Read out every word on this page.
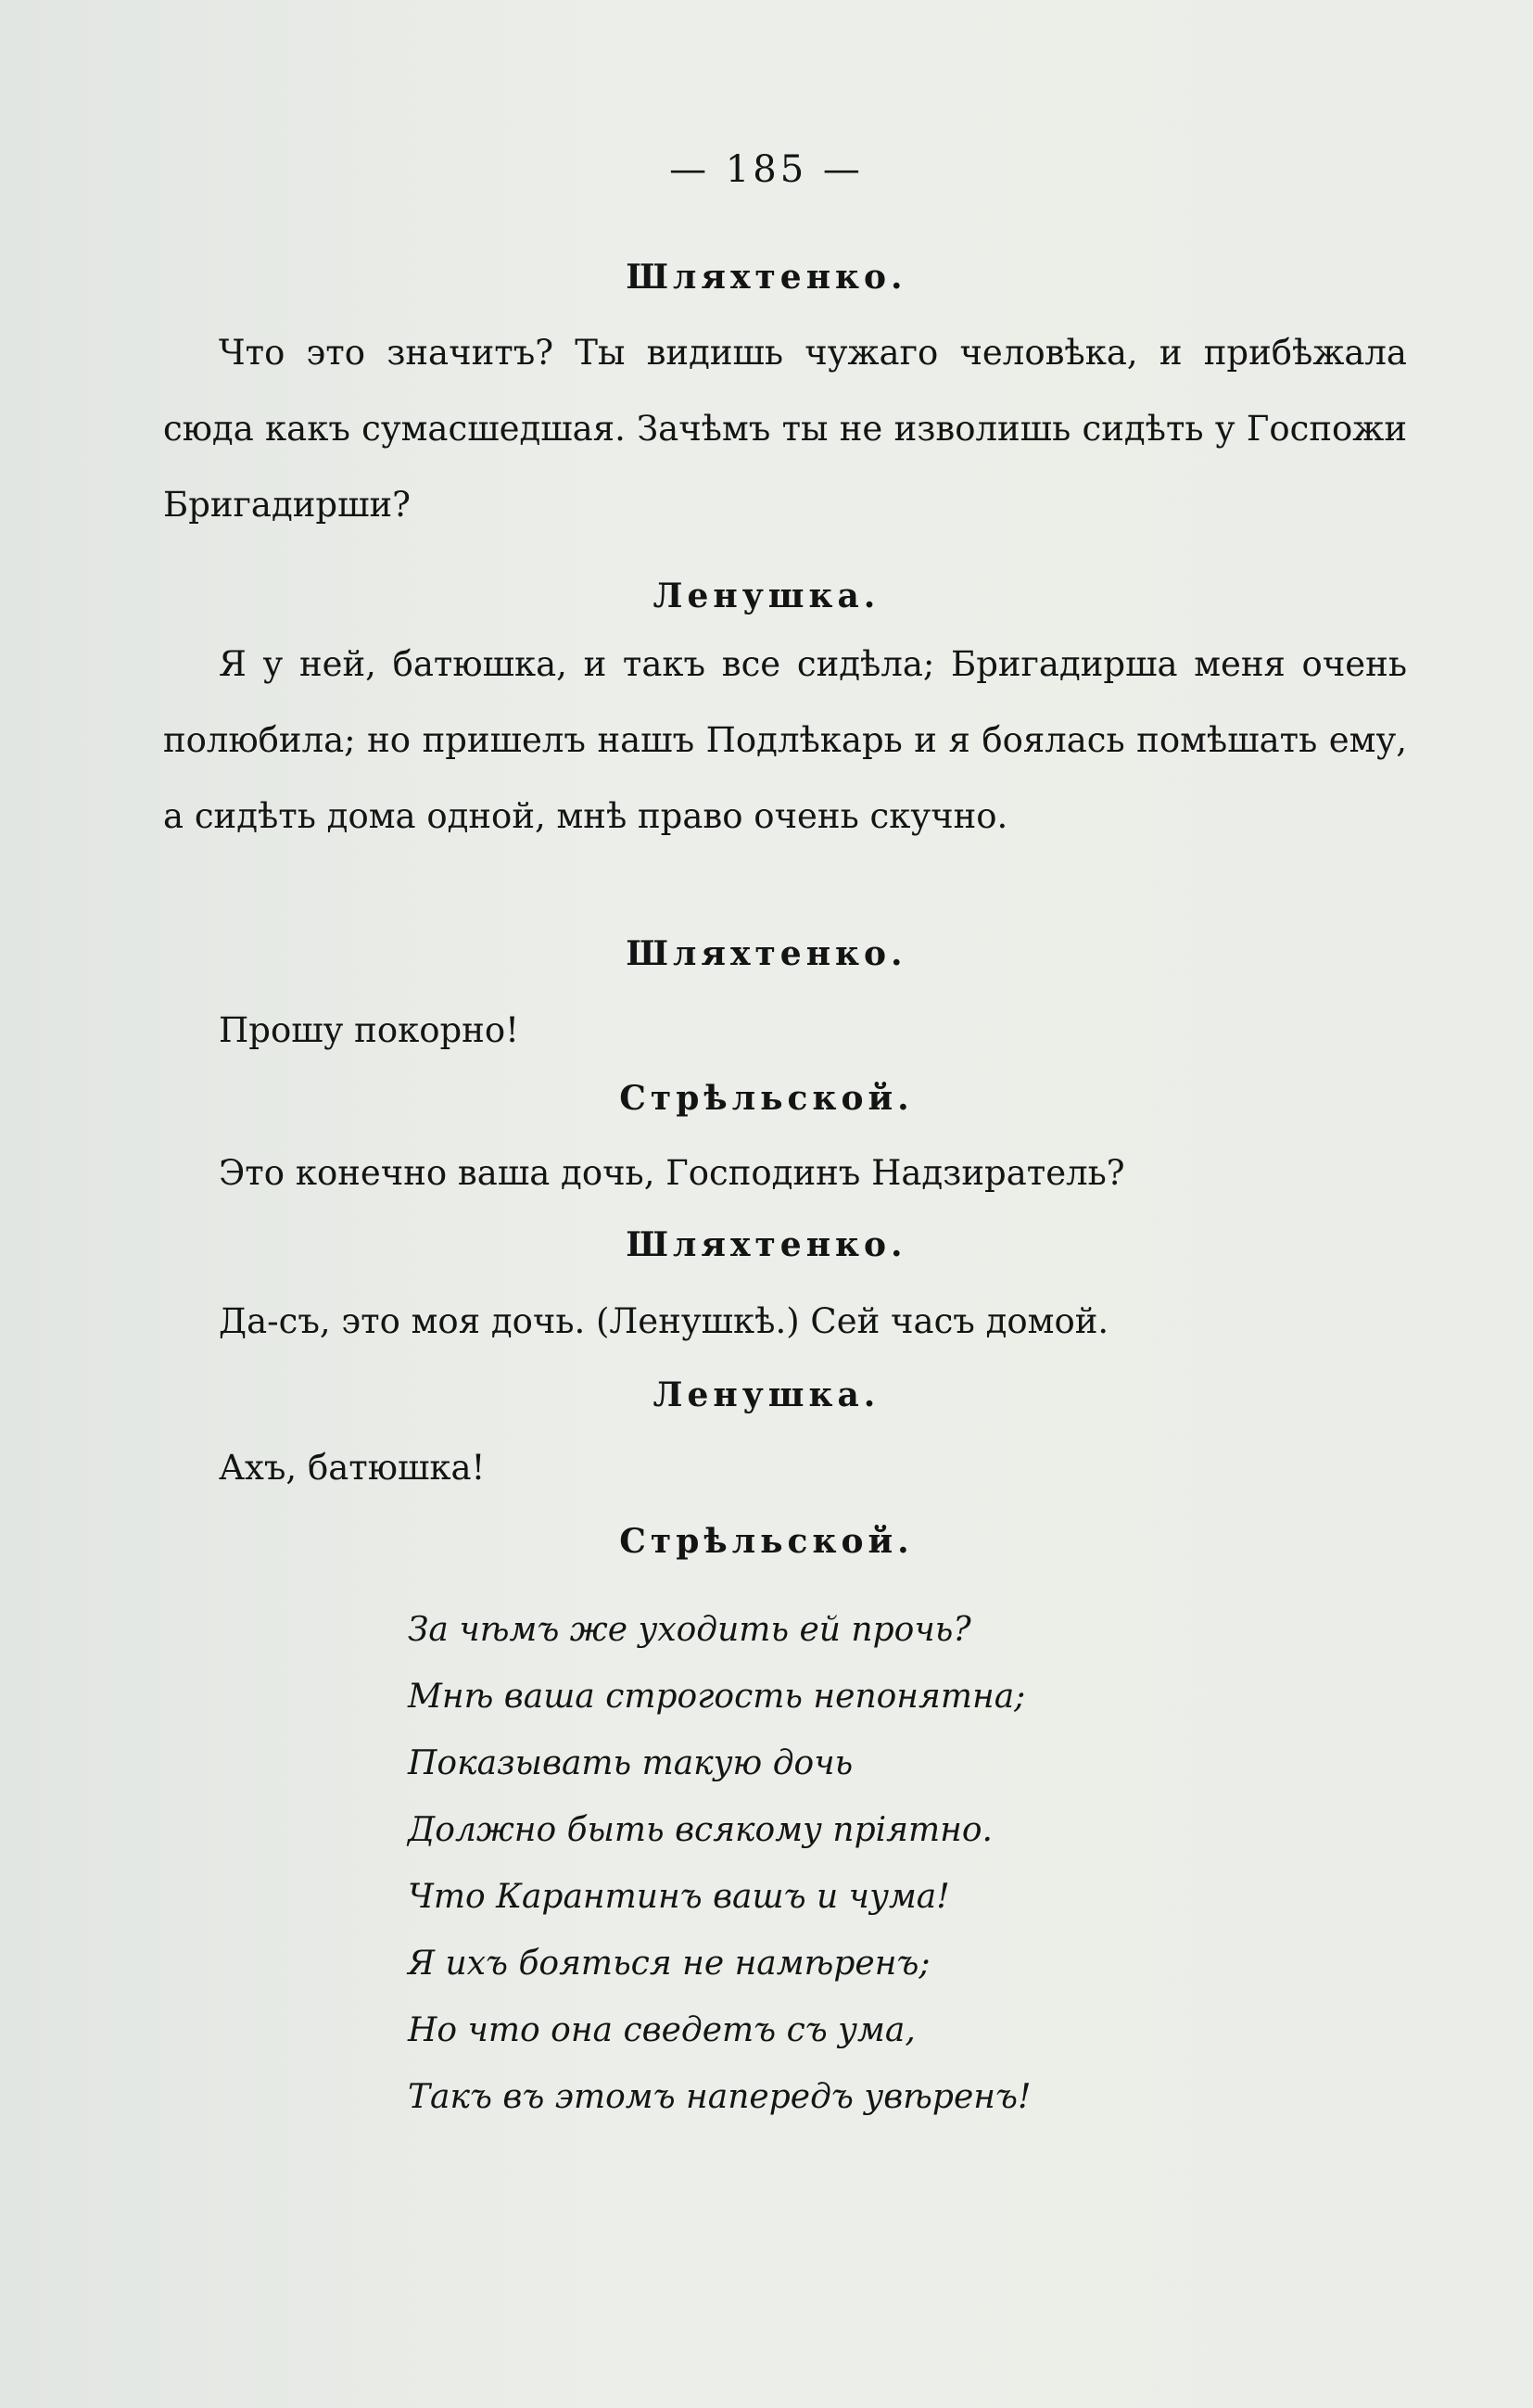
— 185 —
Шляхтенко.
Что это значитъ? Ты видишь чужаго человѣка, и прибѣжала сюда какъ сумасшедшая. Зачѣмъ ты не изволишь сидѣть у Госпожи Бригадирши?
Ленушка.
Я у ней, батюшка, и такъ все сидѣла; Бригадирша меня очень полюбила; но пришелъ нашъ Подлѣкарь и я боялась помѣшать ему, а сидѣть дома одной, мнѣ право очень скучно.
Шляхтенко.
Прошу покорно!
Стрѣльской.
Это конечно ваша дочь, Господинъ Надзиратель?
Шляхтенко.
Да-съ, это моя дочь. (Ленушкѣ.) Сей часъ домой.
Ленушка.
Ахъ, батюшка!
Стрѣльской.
За чѣмъ же уходить ей прочь?
Мнѣ ваша строгость непонятна;
Показывать такую дочь
Должно быть всякому пріятно.
Что Карантинъ вашъ и чума!
Я ихъ бояться не намѣренъ;
Но что она сведетъ съ ума,
Такъ въ этомъ напередъ увѣренъ!
